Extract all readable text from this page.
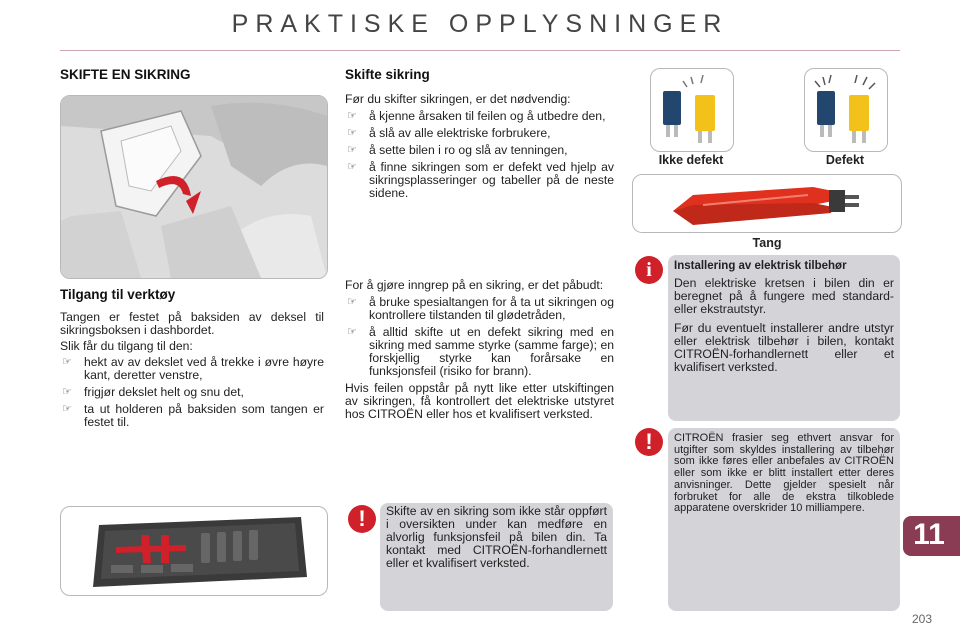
PRAKTISKE OPPLYSNINGER
SKIFTE EN SIKRING
Tilgang til verktøy

Tangen er festet på baksiden av deksel til sikringsboksen i dashbordet.

Slik får du tilgang til den:

☞ hekt av av dekslet ved å trekke i øvre høyre kant, deretter venstre,
☞ frigjør dekslet helt og snu det,
☞ ta ut holderen på baksiden som tangen er festet til.
Skifte sikring

Før du skifter sikringen, er det nødvendig:

☞ å kjenne årsaken til feilen og å utbedre den,
☞ å slå av alle elektriske forbrukere,
☞ å sette bilen i ro og slå av tenningen,
☞ å finne sikringen som er defekt ved hjelp av sikringsplasseringer og tabeller på de neste sidene.

For å gjøre inngrep på en sikring, er det påbudt:

☞ å bruke spesialtangen for å ta ut sikringen og kontrollere tilstanden til glødetråden,
☞ å alltid skifte ut en defekt sikring med en sikring med samme styrke (samme farge); en forskjellig styrke kan forårsake en funksjonsfeil (risiko for brann).

Hvis feilen oppstår på nytt like etter utskiftingen av sikringen, få kontrollert det elektriske utstyret hos CITROËN eller hos et kvalifisert verksted.

Skifte av en sikring som ikke står oppført i oversikten under kan medføre en alvorlig funksjonsfeil på bilen din. Ta kontakt med CITROËN-forhandlernett eller et kvalifisert verksted.

!
Ikke defekt	Defekt
Tang
Installering av elektrisk tilbehør

Den elektriske kretsen i bilen din er beregnet på å fungere med standard- eller ekstrautstyr.

Før du eventuelt installerer andre utstyr eller elektrisk tilbehør i bilen, kontakt CITROËN-forhandlernett eller et kvalifisert verksted.

i

CITROËN frasier seg ethvert ansvar for utgifter som skyldes installering av tilbehør som ikke føres eller anbefales av CITROËN eller som ikke er blitt installert etter deres anvisninger. Dette gjelder spesielt når forbruket for alle de ekstra tilkoblede apparatene overskrider 10 milliampere.

!
11
203
